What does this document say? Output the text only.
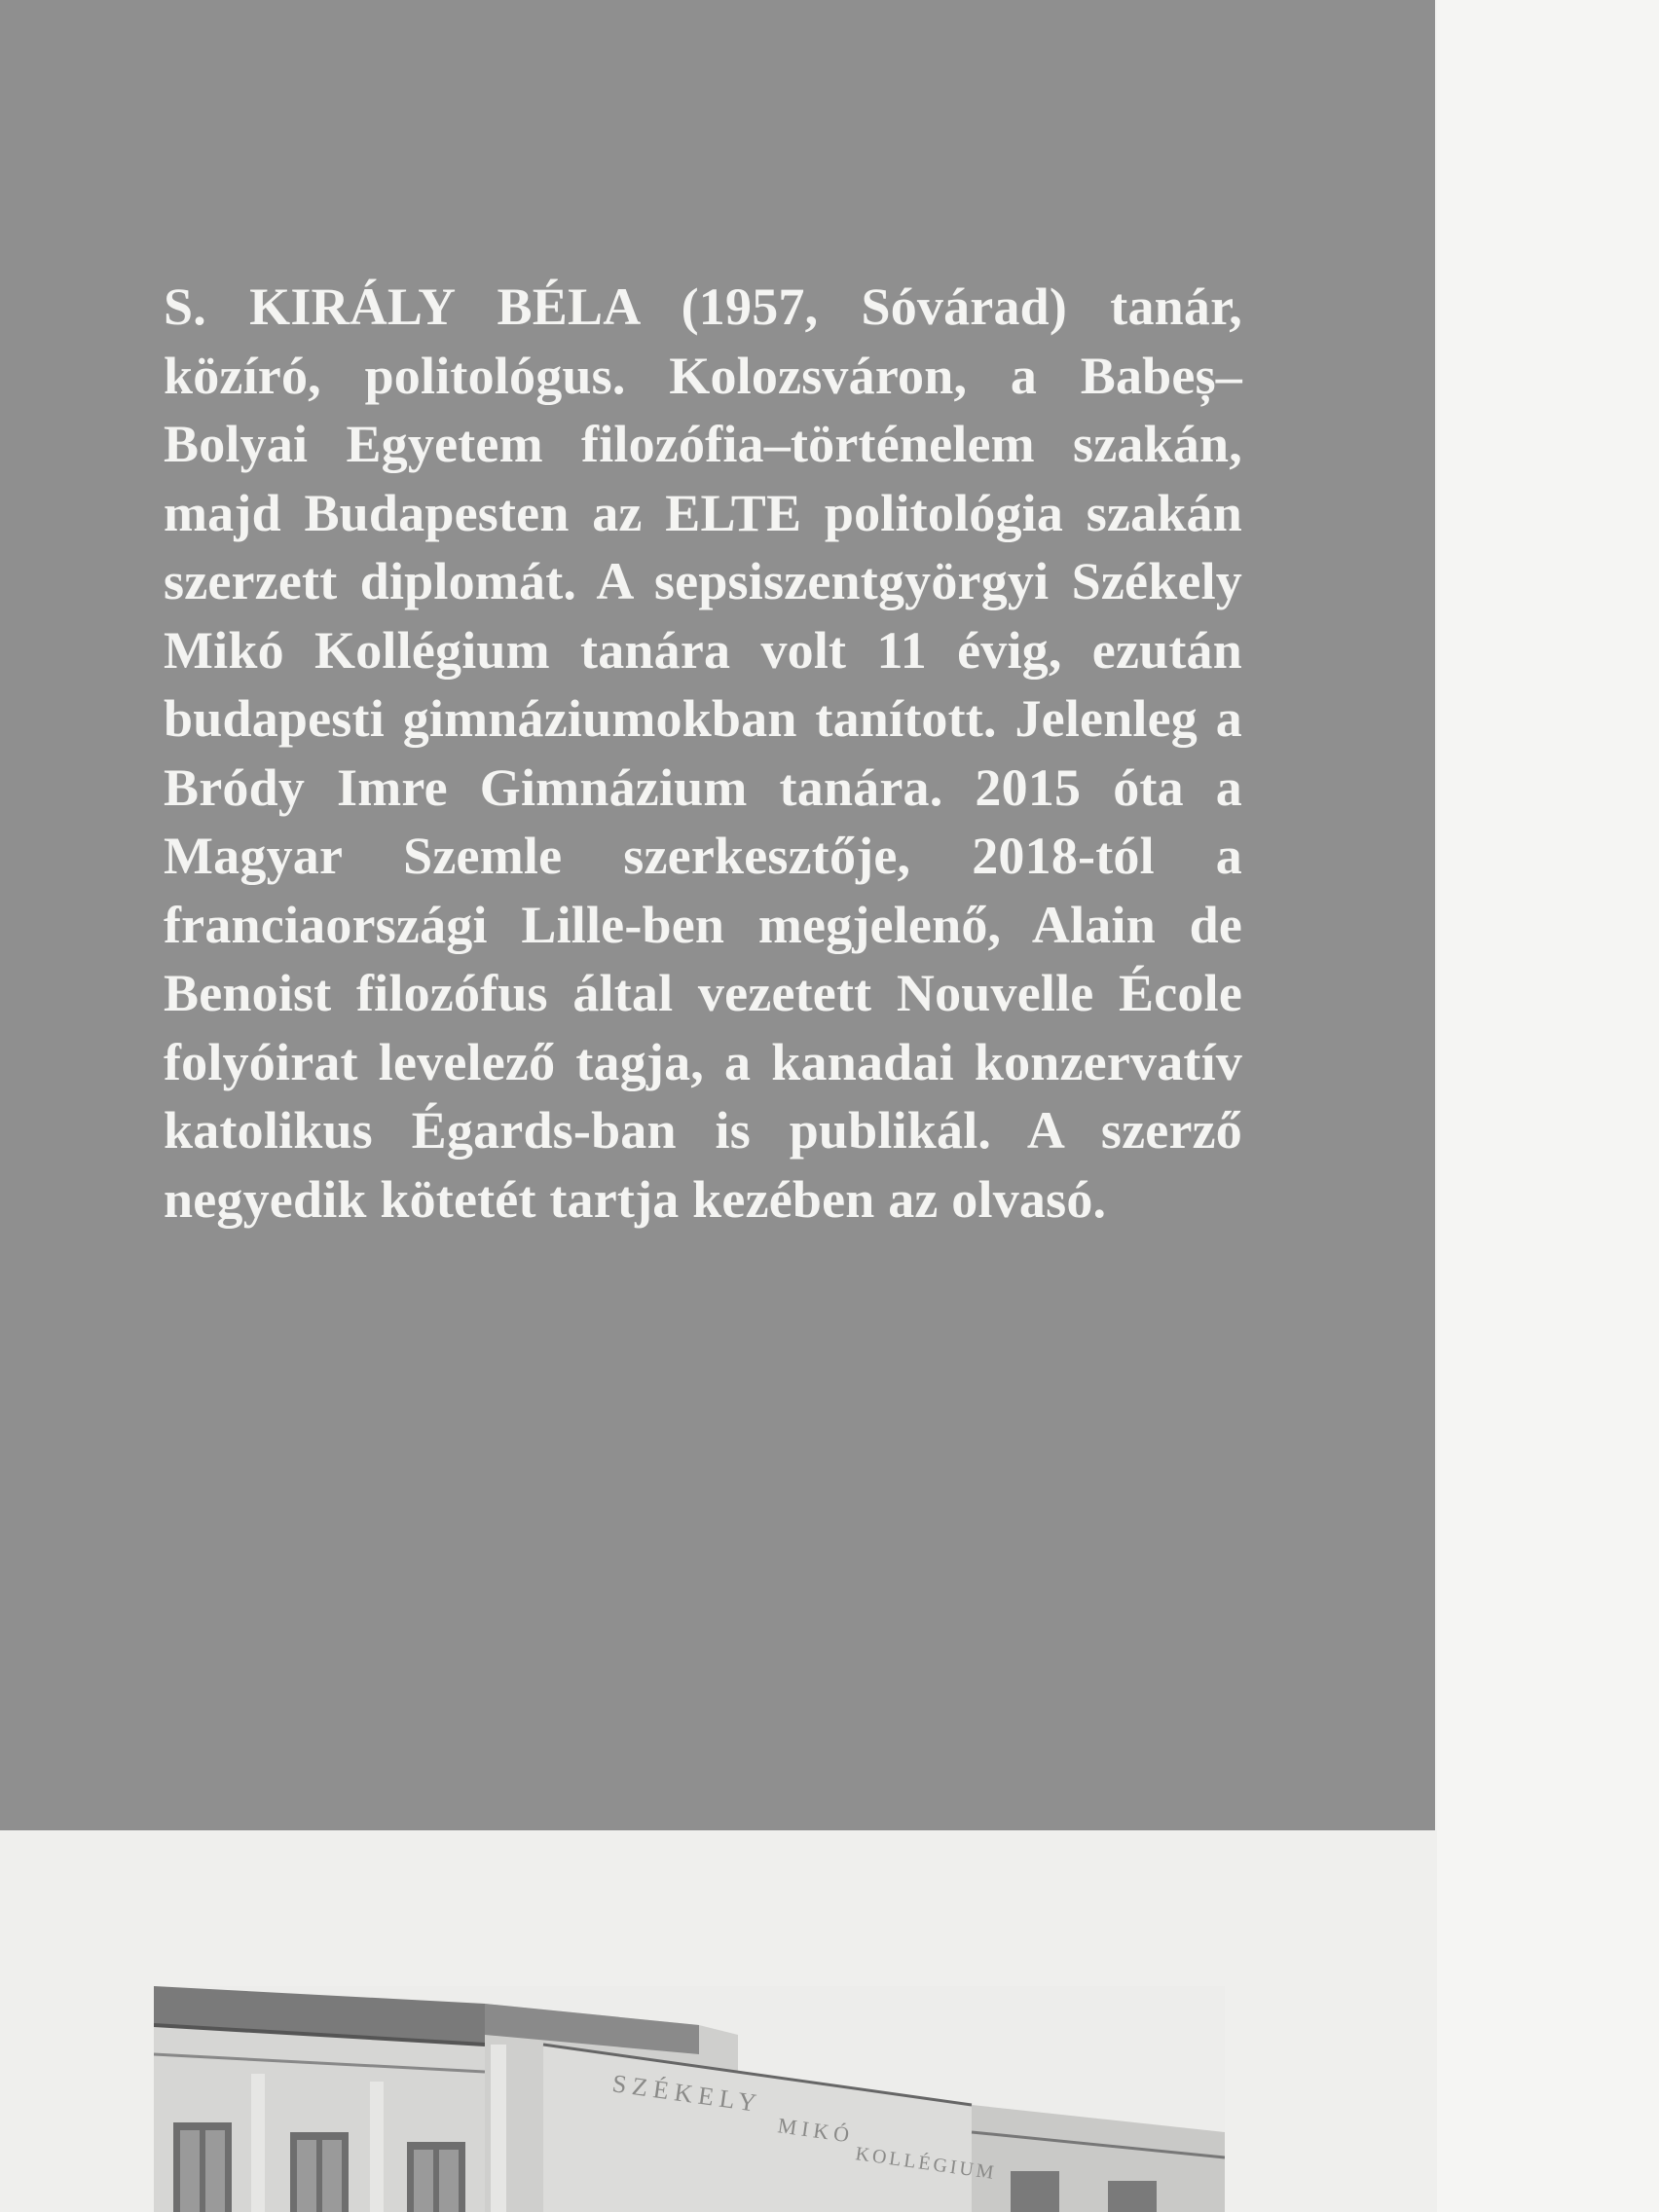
S. KIRÁLY BÉLA (1957, Sóvárad) tanár, közíró, politológus. Kolozsváron, a Babeș–Bolyai Egyetem filozófia–történelem szakán, majd Budapesten az ELTE politológia szakán szerzett diplomát. A sepsiszentgyörgyi Székely Mikó Kollégium tanára volt 11 évig, ezután budapesti gimnáziumokban tanított. Jelenleg a Bródy Imre Gimnázium tanára. 2015 óta a Magyar Szemle szerkesztője, 2018-tól a franciaországi Lille-ben megjelenő, Alain de Benoist filozófus által vezetett Nouvelle École folyóirat levelező tagja, a kanadai konzervatív katolikus Égards-ban is publikál. A szerző negyedik kötetét tartja kezében az olvasó.

SZÉKELY
MIKÓ
KOLLÉGIUM
